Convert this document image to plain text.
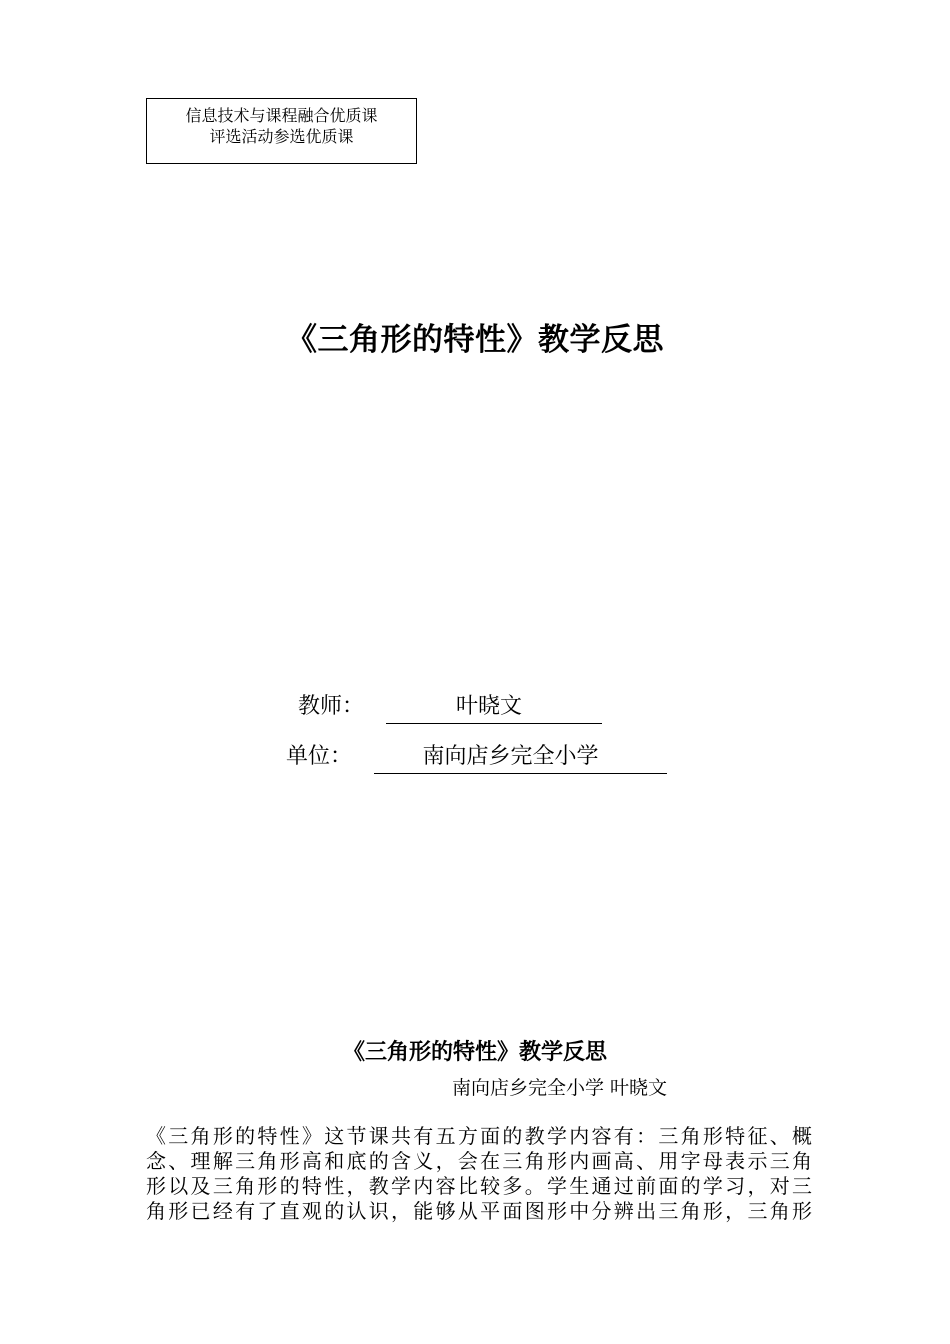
信息技术与课程融合优质课
评选活动参选优质课
《三角形的特性》教学反思
教师：	叶晓文
单位：	南向店乡完全小学
《三角形的特性》教学反思
南向店乡完全小学 叶晓文
《三角形的特性》这节课共有五方面的教学内容有：三角形特征、概
念、理解三角形高和底的含义，会在三角形内画高、用字母表示三角
形以及三角形的特性，教学内容比较多。学生通过前面的学习，对三
角形已经有了直观的认识，能够从平面图形中分辨出三角形，三角形
